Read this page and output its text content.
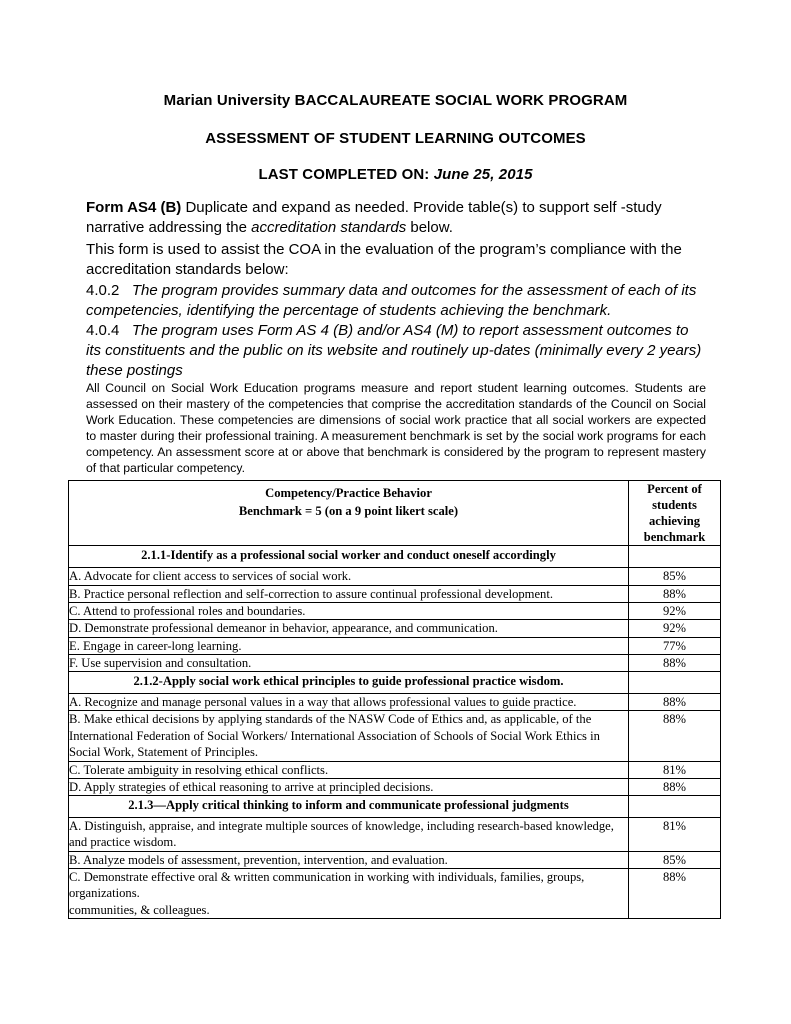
Marian University BACCALAUREATE SOCIAL WORK PROGRAM
ASSESSMENT OF STUDENT LEARNING OUTCOMES
LAST COMPLETED ON: June 25, 2015

Form AS4 (B) Duplicate and expand as needed. Provide table(s) to support self -study narrative addressing the accreditation standards below.

This form is used to assist the COA in the evaluation of the program’s compliance with the accreditation standards below:

4.0.2 The program provides summary data and outcomes for the assessment of each of its competencies, identifying the percentage of students achieving the benchmark.

4.0.4 The program uses Form AS 4 (B) and/or AS4 (M) to report assessment outcomes to its constituents and the public on its website and routinely up-dates (minimally every 2 years) these postings

All Council on Social Work Education programs measure and report student learning outcomes. Students are assessed on their mastery of the competencies that comprise the accreditation standards of the Council on Social Work Education. These competencies are dimensions of social work practice that all social workers are expected to master during their professional training. A measurement benchmark is set by the social work programs for each competency. An assessment score at or above that benchmark is considered by the program to represent mastery of that particular competency.

Competency/Practice Behavior
Benchmark = 5 (on a 9 point likert scale)	Percent of students achieving benchmark
2.1.1-Identify as a professional social worker and conduct oneself accordingly	
A. Advocate for client access to services of social work.	85%
B. Practice personal reflection and self-correction to assure continual professional development.	88%
C. Attend to professional roles and boundaries.	92%
D. Demonstrate professional demeanor in behavior, appearance, and communication.	92%
E. Engage in career-long learning.	77%
F. Use supervision and consultation.	88%
2.1.2-Apply social work ethical principles to guide professional practice wisdom.	
A. Recognize and manage personal values in a way that allows professional values to guide practice.	88%
B. Make ethical decisions by applying standards of the NASW Code of Ethics and, as applicable, of the International Federation of Social Workers/ International Association of Schools of Social Work Ethics in Social Work, Statement of Principles.	88%
C. Tolerate ambiguity in resolving ethical conflicts.	81%
D. Apply strategies of ethical reasoning to arrive at principled decisions.	88%
2.1.3—Apply critical thinking to inform and communicate professional judgments	
A. Distinguish, appraise, and integrate multiple sources of knowledge, including research-based knowledge, and practice wisdom.	81%
B. Analyze models of assessment, prevention, intervention, and evaluation.	85%
C. Demonstrate effective oral & written communication in working with individuals, families, groups, organizations.
communities, & colleagues.	88%
